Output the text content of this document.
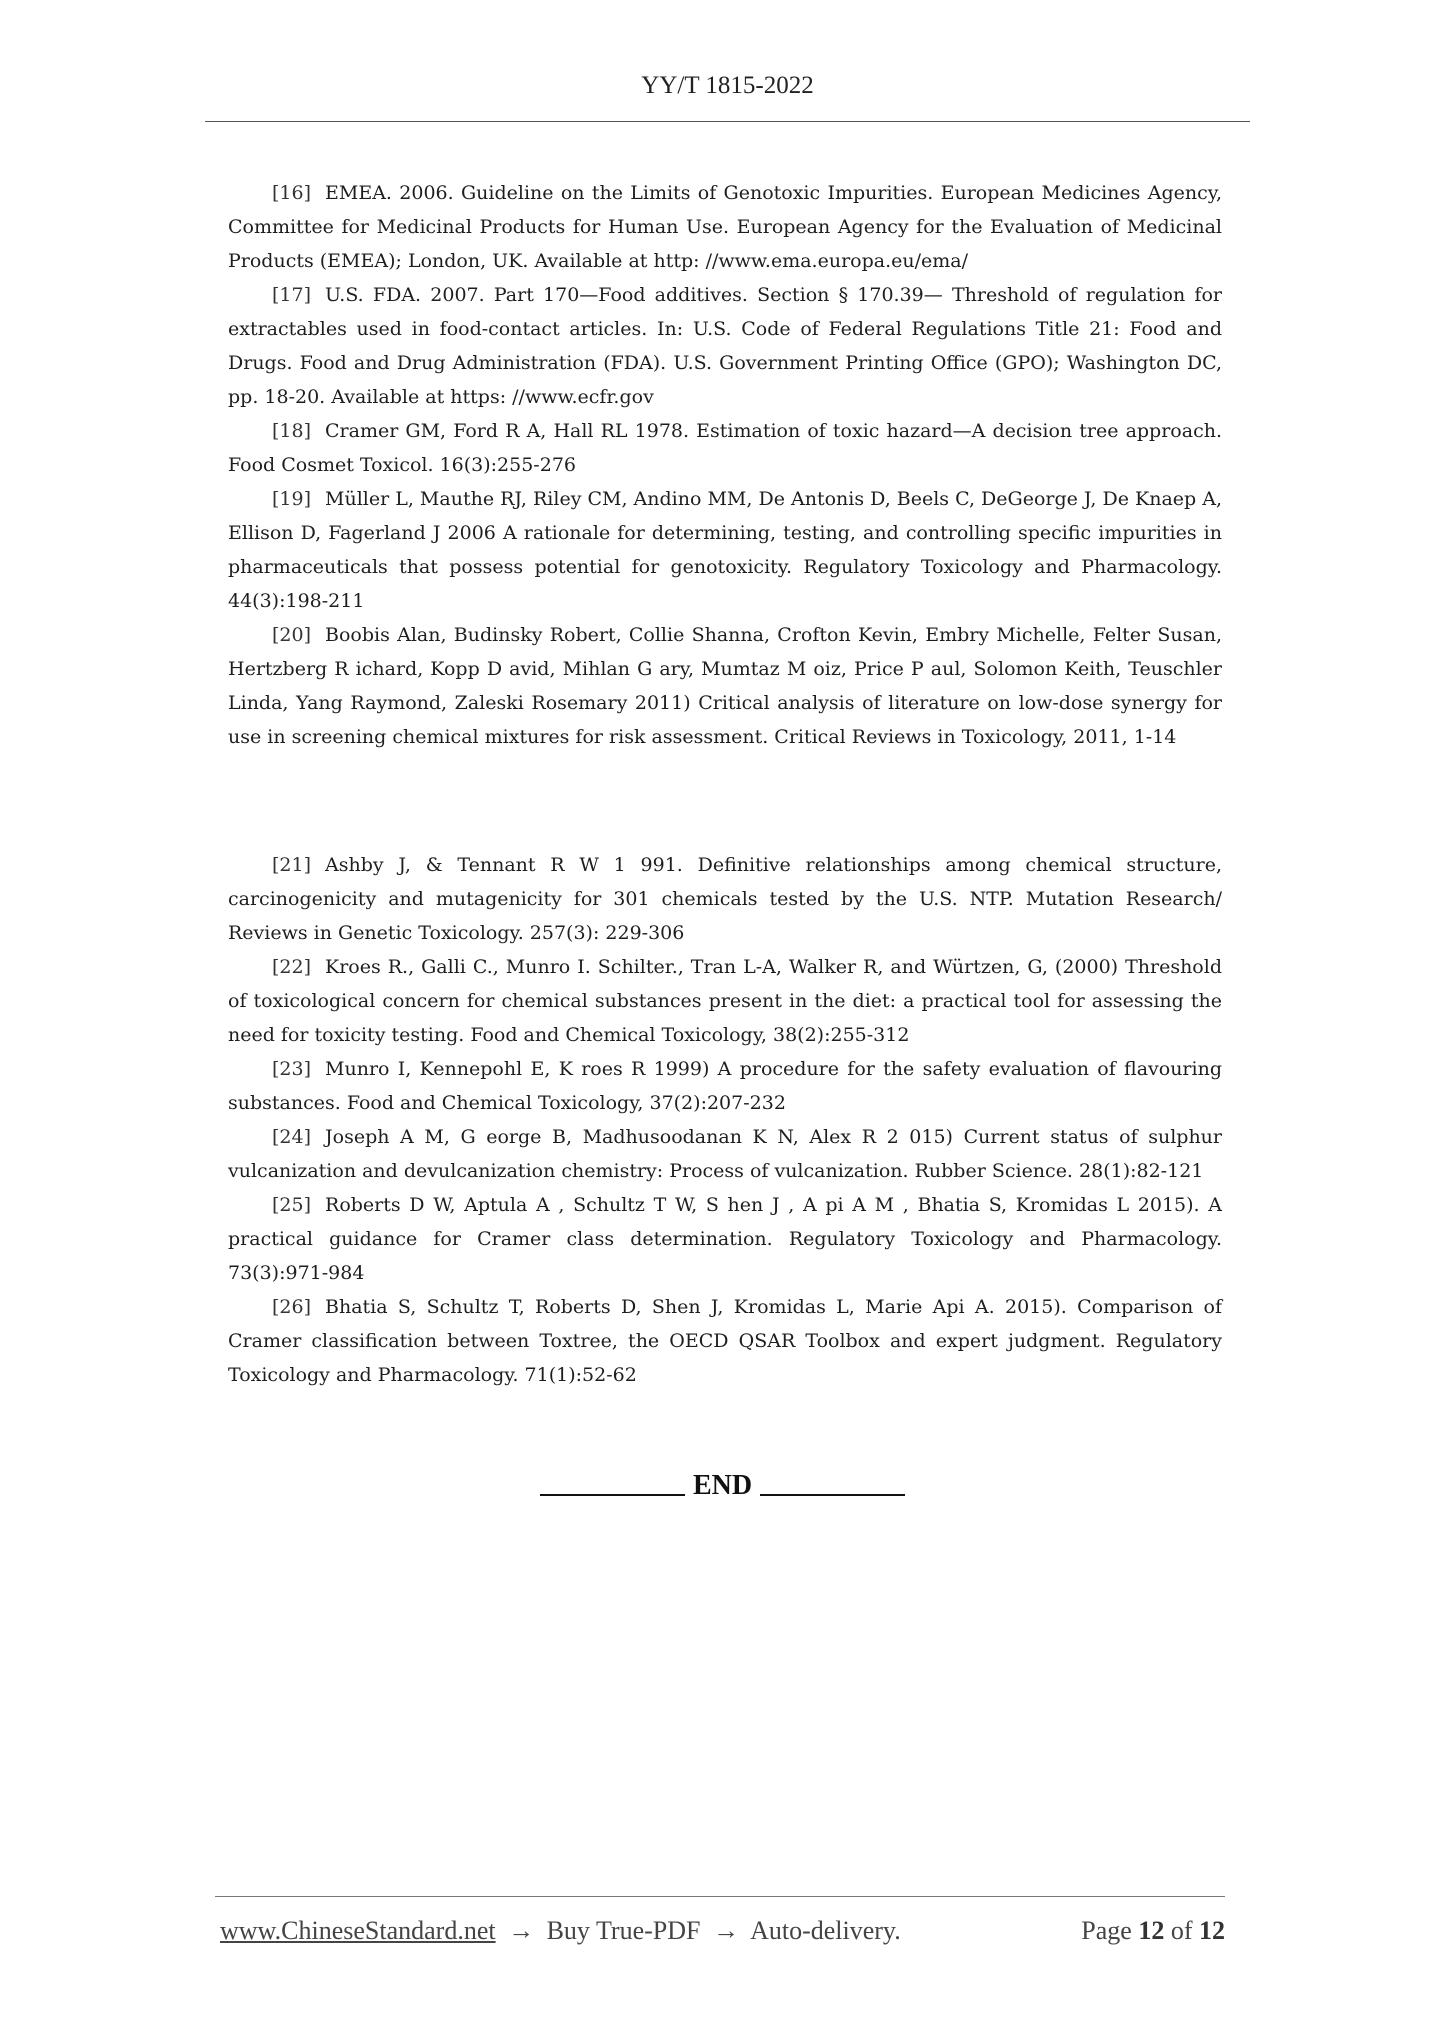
YY/T 1815-2022

[16] EMEA. 2006. Guideline on the Limits of Genotoxic Impurities. European Medicines Agency, Committee for Medicinal Products for Human Use. European Agency for the Evaluation of Medicinal Products (EMEA); London, UK. Available at http: //www.ema.europa.eu/ema/

[17] U.S. FDA. 2007. Part 170—Food additives. Section § 170.39— Threshold of regulation for extractables used in food-contact articles. In: U.S. Code of Federal Regulations Title 21: Food and Drugs. Food and Drug Administration (FDA). U.S. Government Printing Office (GPO); Washington DC, pp. 18-20. Available at https: //www.ecfr.gov

[18] Cramer GM, Ford R A, Hall RL 1978. Estimation of toxic hazard—A decision tree approach. Food Cosmet Toxicol. 16(3):255-276

[19] Müller L, Mauthe RJ, Riley CM, Andino MM, De Antonis D, Beels C, DeGeorge J, De Knaep A, Ellison D, Fagerland J 2006 A rationale for determining, testing, and controlling specific impurities in pharmaceuticals that possess potential for genotoxicity. Regulatory Toxicology and Pharmacology. 44(3):198-211

[20] Boobis Alan, Budinsky Robert, Collie Shanna, Crofton Kevin, Embry Michelle, Felter Susan, Hertzberg R ichard, Kopp D avid, Mihlan G ary, Mumtaz M oiz, Price P aul, Solomon Keith, Teuschler Linda, Yang Raymond, Zaleski Rosemary 2011) Critical analysis of literature on low-dose synergy for use in screening chemical mixtures for risk assessment. Critical Reviews in Toxicology, 2011, 1-14

[21] Ashby J, & Tennant R W 1 991. Definitive relationships among chemical structure, carcinogenicity and mutagenicity for 301 chemicals tested by the U.S. NTP. Mutation Research/ Reviews in Genetic Toxicology. 257(3): 229-306

[22] Kroes R., Galli C., Munro I. Schilter., Tran L-A, Walker R, and Würtzen, G, (2000) Threshold of toxicological concern for chemical substances present in the diet: a practical tool for assessing the need for toxicity testing. Food and Chemical Toxicology, 38(2):255-312

[23] Munro I, Kennepohl E, K roes R 1999) A procedure for the safety evaluation of flavouring substances. Food and Chemical Toxicology, 37(2):207-232

[24] Joseph A M, G eorge B, Madhusoodanan K N, Alex R 2 015) Current status of sulphur vulcanization and devulcanization chemistry: Process of vulcanization. Rubber Science. 28(1):82-121

[25] Roberts D W, Aptula A , Schultz T W, S hen J , A pi A M , Bhatia S, Kromidas L 2015). A practical guidance for Cramer class determination. Regulatory Toxicology and Pharmacology. 73(3):971-984

[26] Bhatia S, Schultz T, Roberts D, Shen J, Kromidas L, Marie Api A. 2015). Comparison of Cramer classification between Toxtree, the OECD QSAR Toolbox and expert judgment. Regulatory Toxicology and Pharmacology. 71(1):52-62

END
www.ChineseStandard.net → Buy True-PDF → Auto-delivery.	Page 12 of 12
